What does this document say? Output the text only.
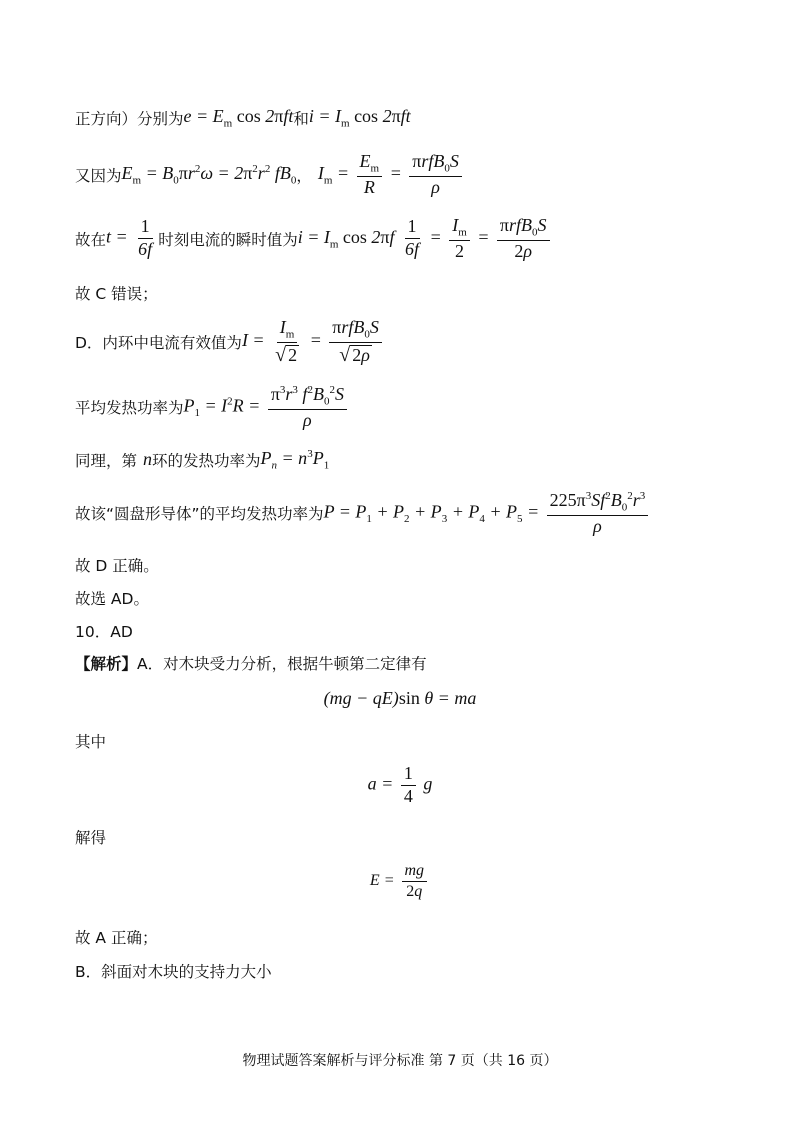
正方向）分别为 $e = E_m$ cos 2πft 和 $i = I_m$ cos 2πft
又因为 $E_m = B_0\pi r^2\omega = 2\pi^2r^2$ $fB_0$ ， $I_m = \frac{E_m}{R} = \frac{\pi rfB_0S}{\rho}$
故在 $t = \frac{1}{6f}$ 时刻电流的瞬时值为 $i = I_m$ $\cos 2\pi f \frac{1}{6f} = \frac{I_m}{2} = \frac{\pi rfB_0S}{2\rho}$
故 C 错误；
D．内环中电流有效值为 $I = \frac{I_m}{√ 2} = \frac{\pi rfB_0S}{√ 2\rho}$
平均发热功率为 $P_1 = I^2R = \frac{\pi^3r^3 f^2B_0^2S}{\rho}$
同理，第 n 环的发热功率为 $P_n = n^3P_1$
故该“圆盘形导体”的平均发热功率为 $P = P_1 + P_2 + P_3 + P_4 + P_5 = \frac{225\pi^3Sf^2B_0^2r^3}{\rho}$
故 D 正确。
故选 AD。
10．AD
【解析】 A．对木块受力分析，根据牛顿第二定律有
(mg − qE)sin θ = ma
其中
$a = \frac{1}{4}$ g
解得
$E = \frac{mg}{2q}$
故 A 正确；
B．斜面对木块的支持力大小
物理试题答案解析与评分标准 第 7 页（共 16 页）
